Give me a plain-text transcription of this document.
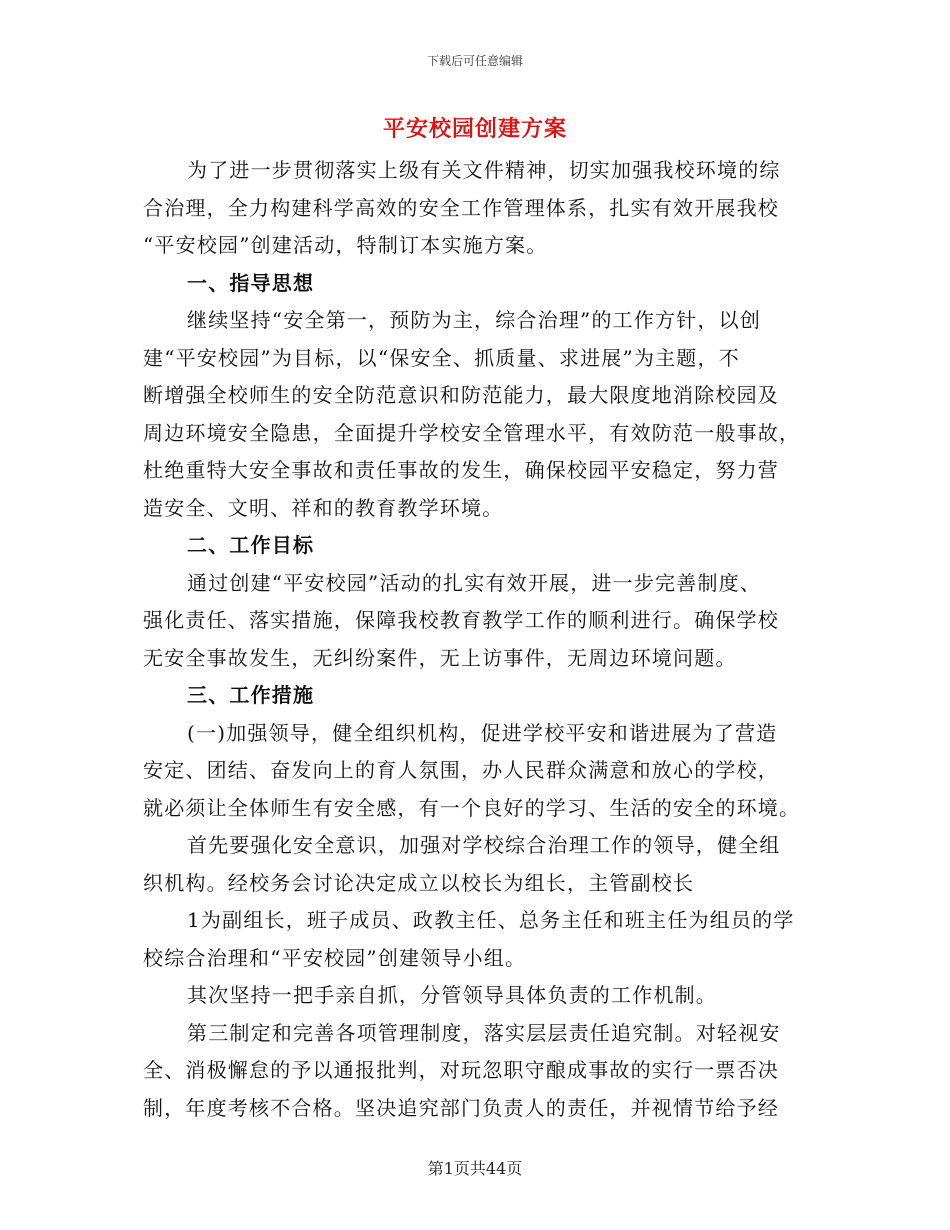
下载后可任意编辑
平安校园创建方案
为了进一步贯彻落实上级有关文件精神，切实加强我校环境的综
合治理，全力构建科学高效的安全工作管理体系，扎实有效开展我校
“平安校园”创建活动，特制订本实施方案。
一、指导思想
继续坚持“安全第一，预防为主，综合治理”的工作方针，以创
建“平安校园”为目标，以“保安全、抓质量、求进展”为主题，不
断增强全校师生的安全防范意识和防范能力，最大限度地消除校园及
周边环境安全隐患，全面提升学校安全管理水平，有效防范一般事故，
杜绝重特大安全事故和责任事故的发生，确保校园平安稳定，努力营
造安全、文明、祥和的教育教学环境。
二、工作目标
通过创建“平安校园”活动的扎实有效开展，进一步完善制度、
强化责任、落实措施，保障我校教育教学工作的顺利进行。确保学校
无安全事故发生，无纠纷案件，无上访事件，无周边环境问题。
三、工作措施
(一)加强领导，健全组织机构，促进学校平安和谐进展为了营造
安定、团结、奋发向上的育人氛围，办人民群众满意和放心的学校，
就必须让全体师生有安全感，有一个良好的学习、生活的安全的环境。
首先要强化安全意识，加强对学校综合治理工作的领导，健全组
织机构。经校务会讨论决定成立以校长为组长，主管副校长
1为副组长，班子成员、政教主任、总务主任和班主任为组员的学
校综合治理和“平安校园”创建领导小组。
其次坚持一把手亲自抓，分管领导具体负责的工作机制。
第三制定和完善各项管理制度，落实层层责任追究制。对轻视安
全、消极懈怠的予以通报批判，对玩忽职守酿成事故的实行一票否决
制，年度考核不合格。坚决追究部门负责人的责任，并视情节给予经
第1页共44页
